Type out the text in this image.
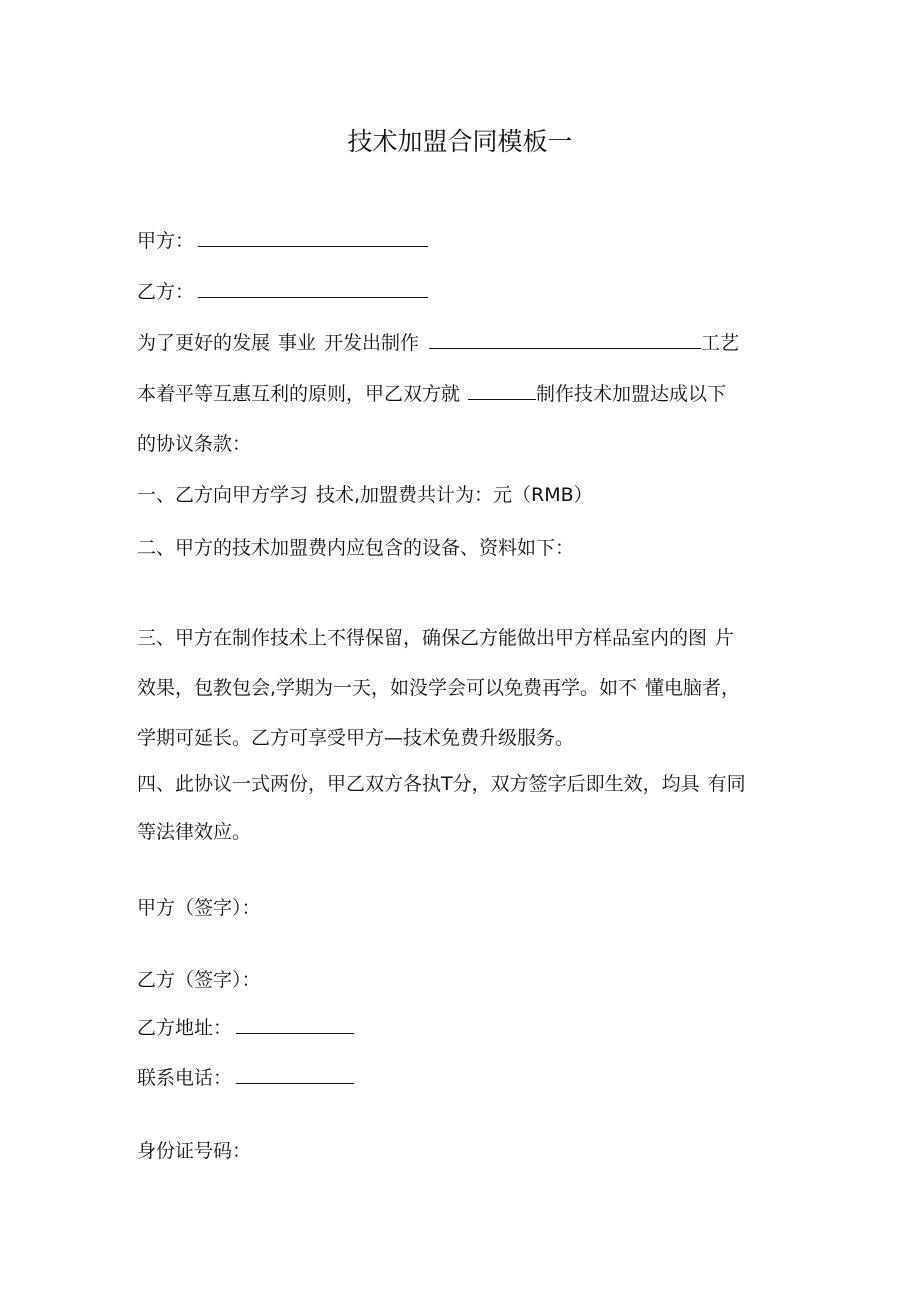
技术加盟合同模板一
甲方：
乙方：
为了更好的发展 事业 开发出制作	工艺
本着平等互惠互利的原则，甲乙双方就	制作技术加盟达成以下
的协议条款：
一、乙方向甲方学习 技术,加盟费共计为：元（RMB）
二、甲方的技术加盟费内应包含的设备、资料如下：
三、甲方在制作技术上不得保留，确保乙方能做出甲方样品室内的图 片
效果，包教包会,学期为一天，如没学会可以免费再学。如不 懂电脑者，
学期可延长。乙方可享受甲方—技术免费升级服务。
四、此协议一式两份，甲乙双方各执T分，双方签字后即生效，均具 有同
等法律效应。
甲方（签字）：
乙方（签字）：
乙方地址：
联系电话：
身份证号码：
